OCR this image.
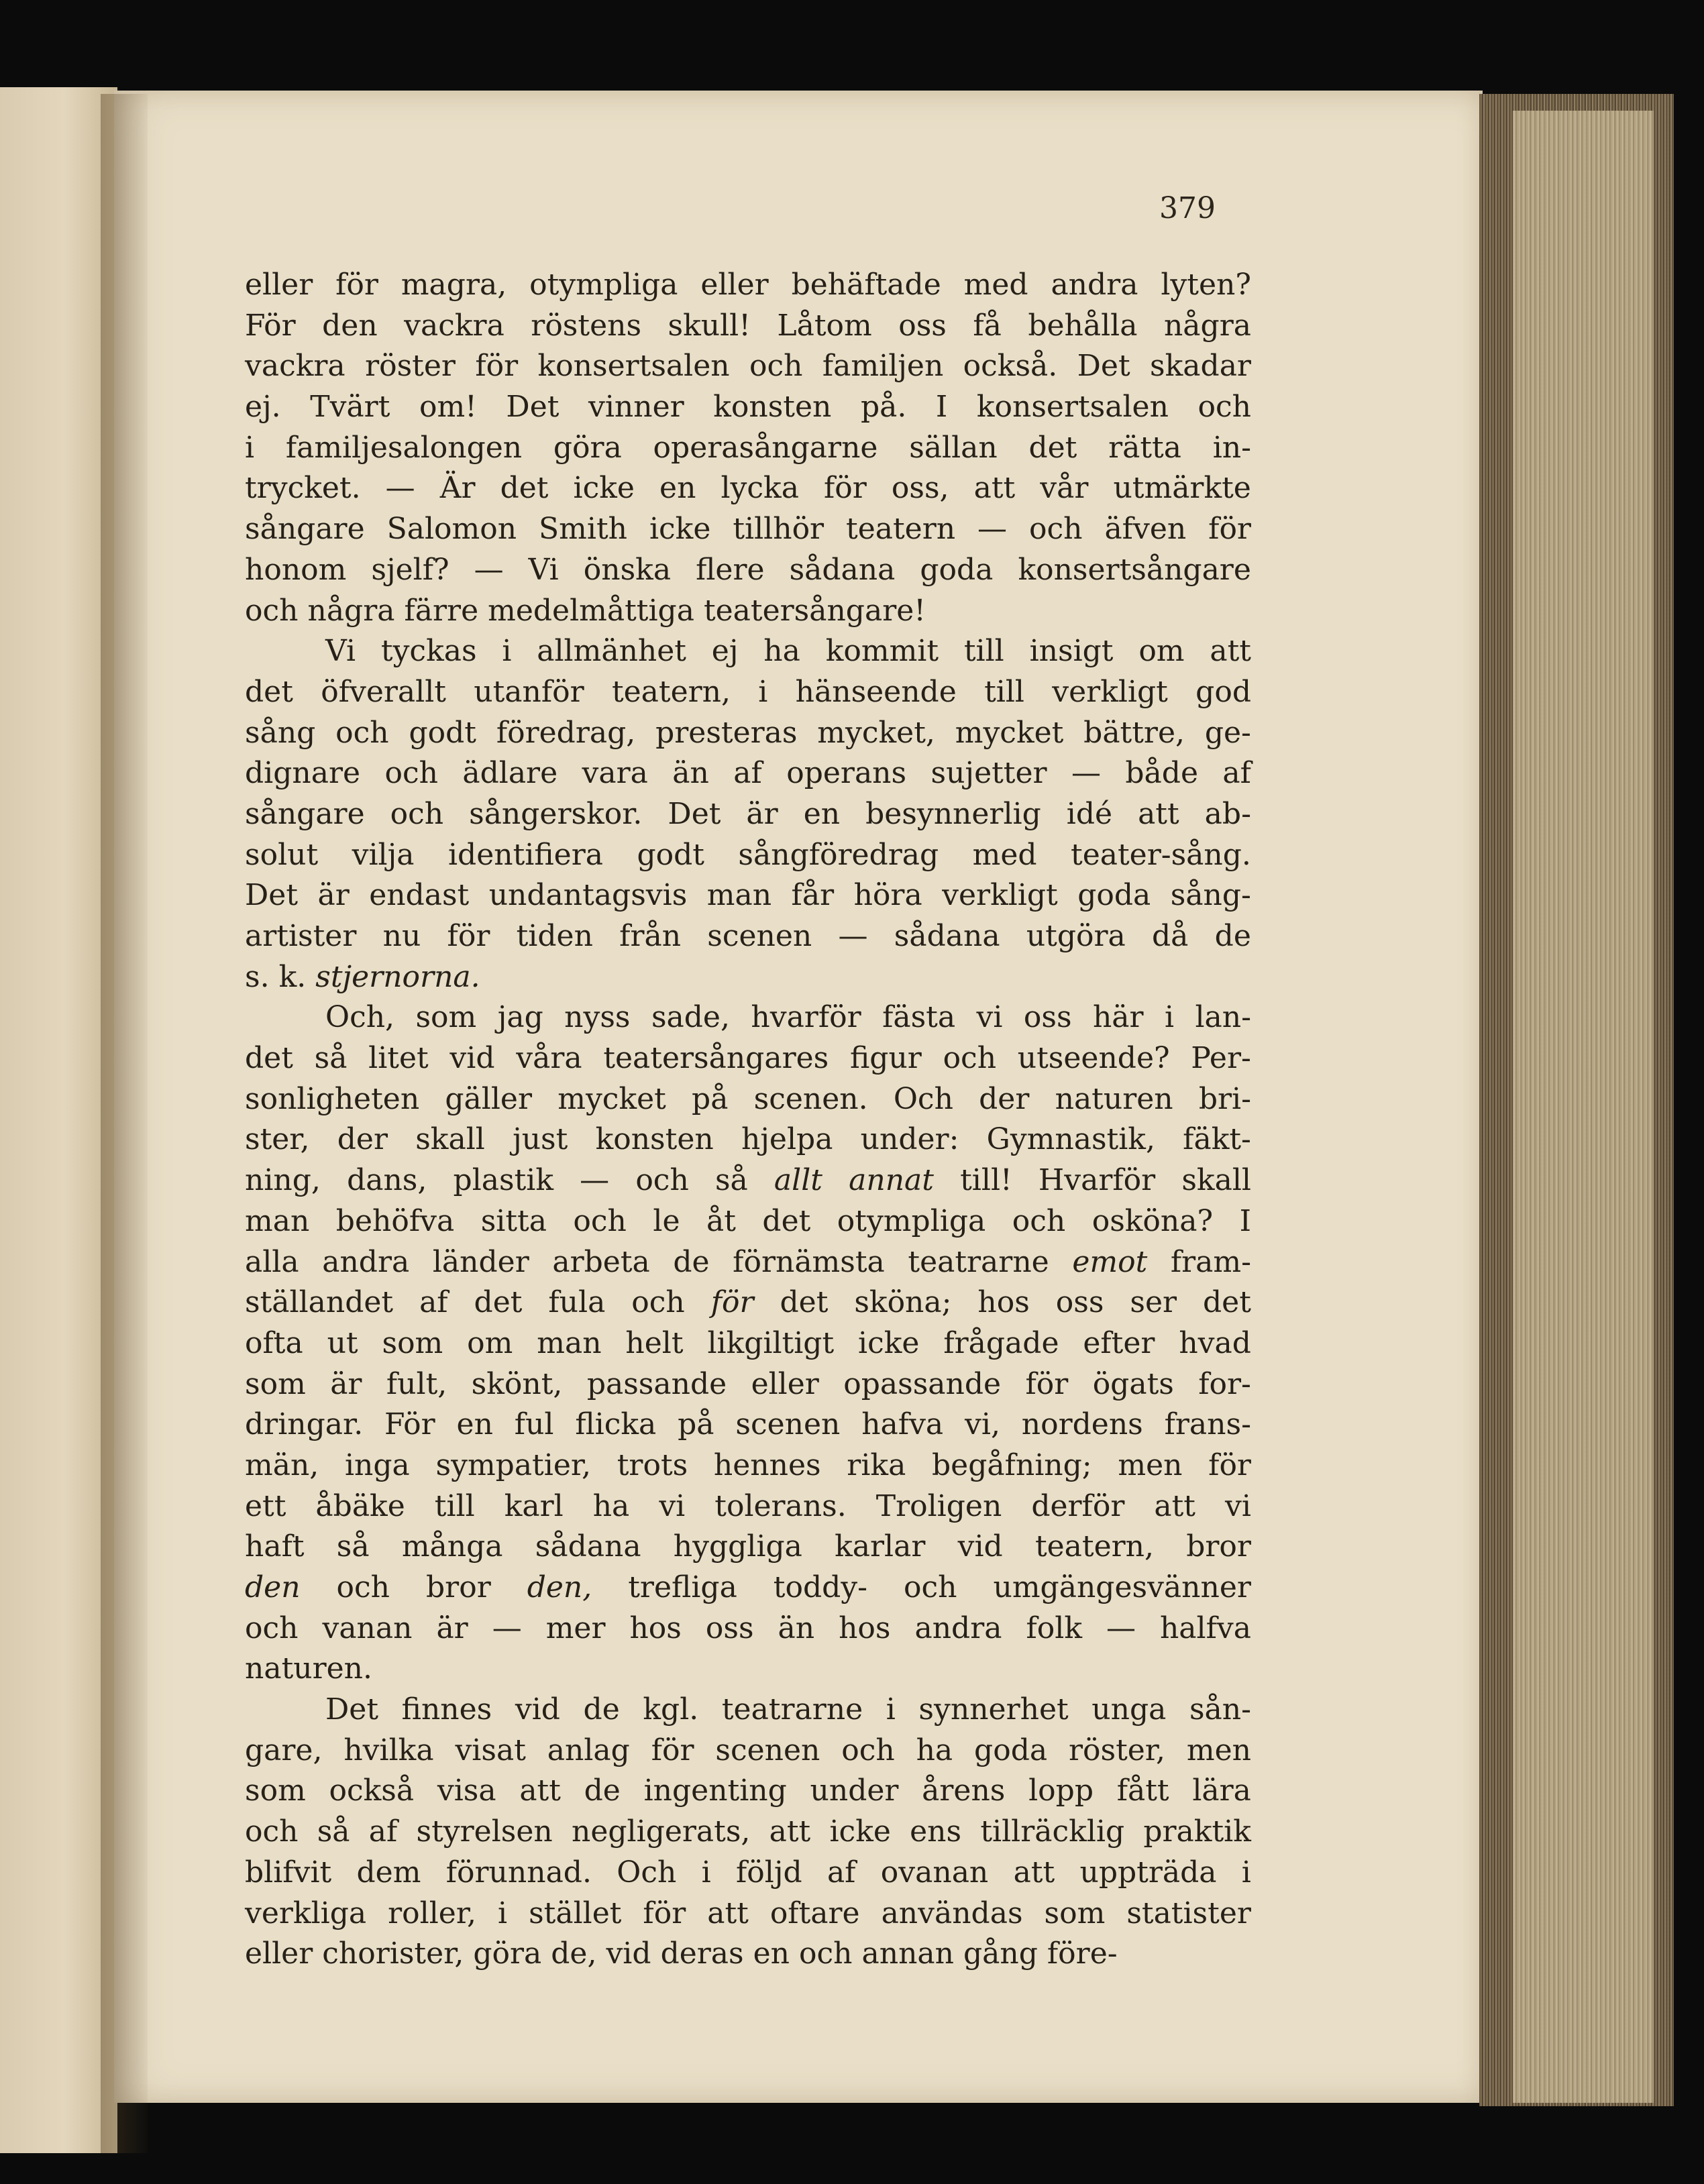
379
eller för magra, otympliga eller behäftade med andra lyten?
För den vackra röstens skull! Låtom oss få behålla några
vackra röster för konsertsalen och familjen också. Det skadar
ej. Tvärt om! Det vinner konsten på. I konsertsalen och
i familjesalongen göra operasångarne sällan det rätta in-
trycket. — Är det icke en lycka för oss, att vår utmärkte
sångare Salomon Smith icke tillhör teatern — och äfven för
honom sjelf? — Vi önska flere sådana goda konsertsångare
och några färre medelmåttiga teatersångare!
Vi tyckas i allmänhet ej ha kommit till insigt om att
det öfverallt utanför teatern, i hänseende till verkligt god
sång och godt föredrag, presteras mycket, mycket bättre, ge-
dignare och ädlare vara än af operans sujetter — både af
sångare och sångerskor. Det är en besynnerlig idé att ab-
solut vilja identifiera godt sångföredrag med teater-sång.
Det är endast undantagsvis man får höra verkligt goda sång-
artister nu för tiden från scenen — sådana utgöra då de
s. k. stjernorna.
Och, som jag nyss sade, hvarför fästa vi oss här i lan-
det så litet vid våra teatersångares figur och utseende? Per-
sonligheten gäller mycket på scenen. Och der naturen bri-
ster, der skall just konsten hjelpa under: Gymnastik, fäkt-
ning, dans, plastik — och så allt annat till! Hvarför skall
man behöfva sitta och le åt det otympliga och osköna? I
alla andra länder arbeta de förnämsta teatrarne emot fram-
ställandet af det fula och för det sköna; hos oss ser det
ofta ut som om man helt likgiltigt icke frågade efter hvad
som är fult, skönt, passande eller opassande för ögats for-
dringar. För en ful flicka på scenen hafva vi, nordens frans-
män, inga sympatier, trots hennes rika begåfning; men för
ett åbäke till karl ha vi tolerans. Troligen derför att vi
haft så många sådana hyggliga karlar vid teatern, bror
den och bror den, trefliga toddy- och umgängesvänner
och vanan är — mer hos oss än hos andra folk — halfva
naturen.
Det finnes vid de kgl. teatrarne i synnerhet unga sån-
gare, hvilka visat anlag för scenen och ha goda röster, men
som också visa att de ingenting under årens lopp fått lära
och så af styrelsen negligerats, att icke ens tillräcklig praktik
blifvit dem förunnad. Och i följd af ovanan att uppträda i
verkliga roller, i stället för att oftare användas som statister
eller chorister, göra de, vid deras en och annan gång före-
